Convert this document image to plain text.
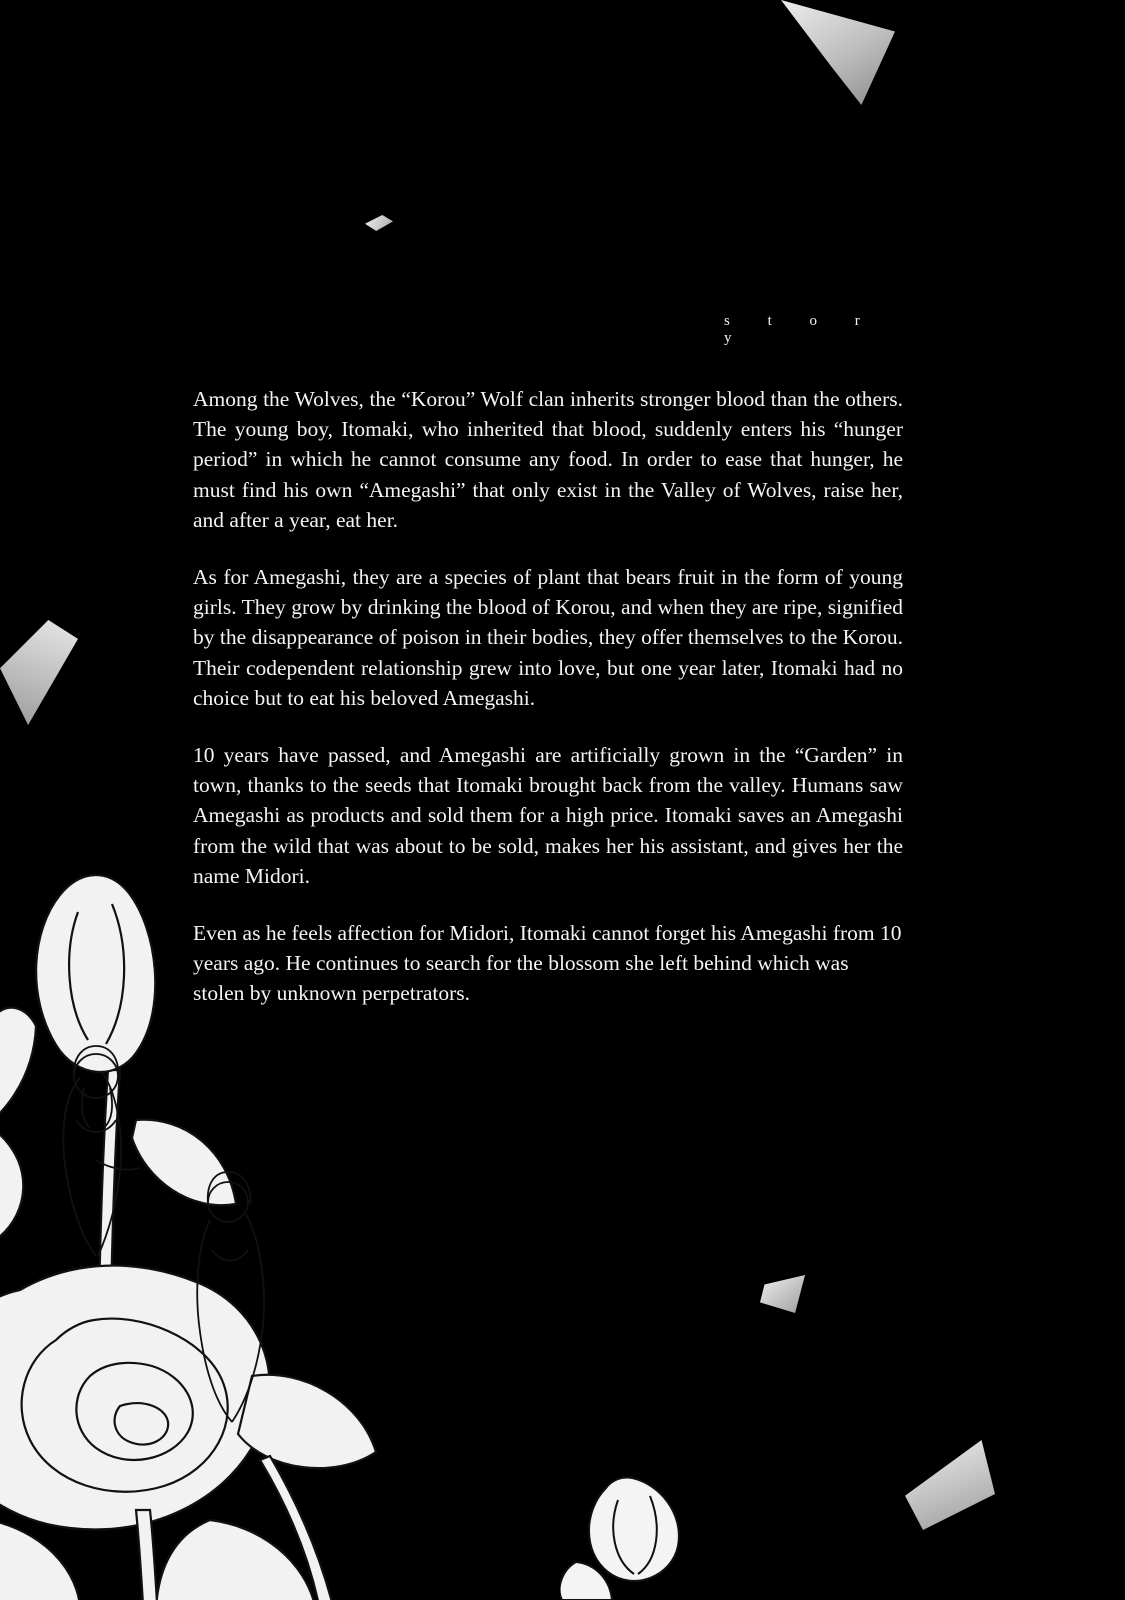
s t o r y

Among the Wolves, the “Korou” Wolf clan inherits stronger blood than the others. The young boy, Itomaki, who inherited that blood, suddenly enters his “hunger period” in which he cannot consume any food. In order to ease that hunger, he must find his own “Amegashi” that only exist in the Valley of Wolves, raise her, and after a year, eat her.

As for Amegashi, they are a species of plant that bears fruit in the form of young girls. They grow by drinking the blood of Korou, and when they are ripe, signified by the disappearance of poison in their bodies, they offer themselves to the Korou. Their codependent relationship grew into love, but one year later, Itomaki had no choice but to eat his beloved Amegashi.

10 years have passed, and Amegashi are artificially grown in the “Garden” in town, thanks to the seeds that Itomaki brought back from the valley. Humans saw Amegashi as products and sold them for a high price. Itomaki saves an Amegashi from the wild that was about to be sold, makes her his assistant, and gives her the name Midori.

Even as he feels affection for Midori, Itomaki cannot forget his Amegashi from 10 years ago. He continues to search for the blossom she left behind which was stolen by unknown perpetrators.
